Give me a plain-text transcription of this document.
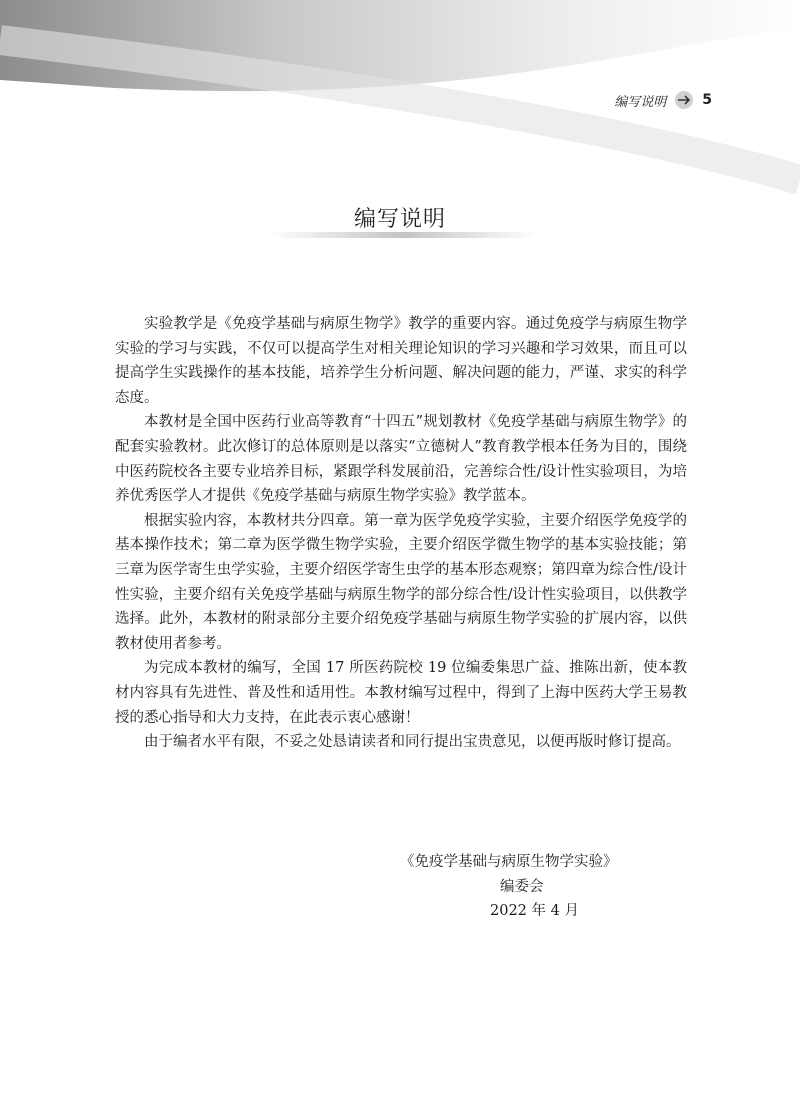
编写说明	5
编写说明

实验教学是《免疫学基础与病原生物学》教学的重要内容。通过免疫学与病原生物学实验的学习与实践，不仅可以提高学生对相关理论知识的学习兴趣和学习效果，而且可以提高学生实践操作的基本技能，培养学生分析问题、解决问题的能力，严谨、求实的科学态度。

本教材是全国中医药行业高等教育“十四五”规划教材《免疫学基础与病原生物学》的配套实验教材。此次修订的总体原则是以落实“立德树人”教育教学根本任务为目的，围绕中医药院校各主要专业培养目标，紧跟学科发展前沿，完善综合性/设计性实验项目，为培养优秀医学人才提供《免疫学基础与病原生物学实验》教学蓝本。

根据实验内容，本教材共分四章。第一章为医学免疫学实验，主要介绍医学免疫学的基本操作技术；第二章为医学微生物学实验，主要介绍医学微生物学的基本实验技能；第三章为医学寄生虫学实验，主要介绍医学寄生虫学的基本形态观察；第四章为综合性/设计性实验，主要介绍有关免疫学基础与病原生物学的部分综合性/设计性实验项目，以供教学选择。此外，本教材的附录部分主要介绍免疫学基础与病原生物学实验的扩展内容，以供教材使用者参考。

为完成本教材的编写，全国 17 所医药院校 19 位编委集思广益、推陈出新，使本教材内容具有先进性、普及性和适用性。本教材编写过程中，得到了上海中医药大学王易教授的悉心指导和大力支持，在此表示衷心感谢！

由于编者水平有限，不妥之处恳请读者和同行提出宝贵意见，以便再版时修订提高。

《免疫学基础与病原生物学实验》
编委会
2022 年 4 月
